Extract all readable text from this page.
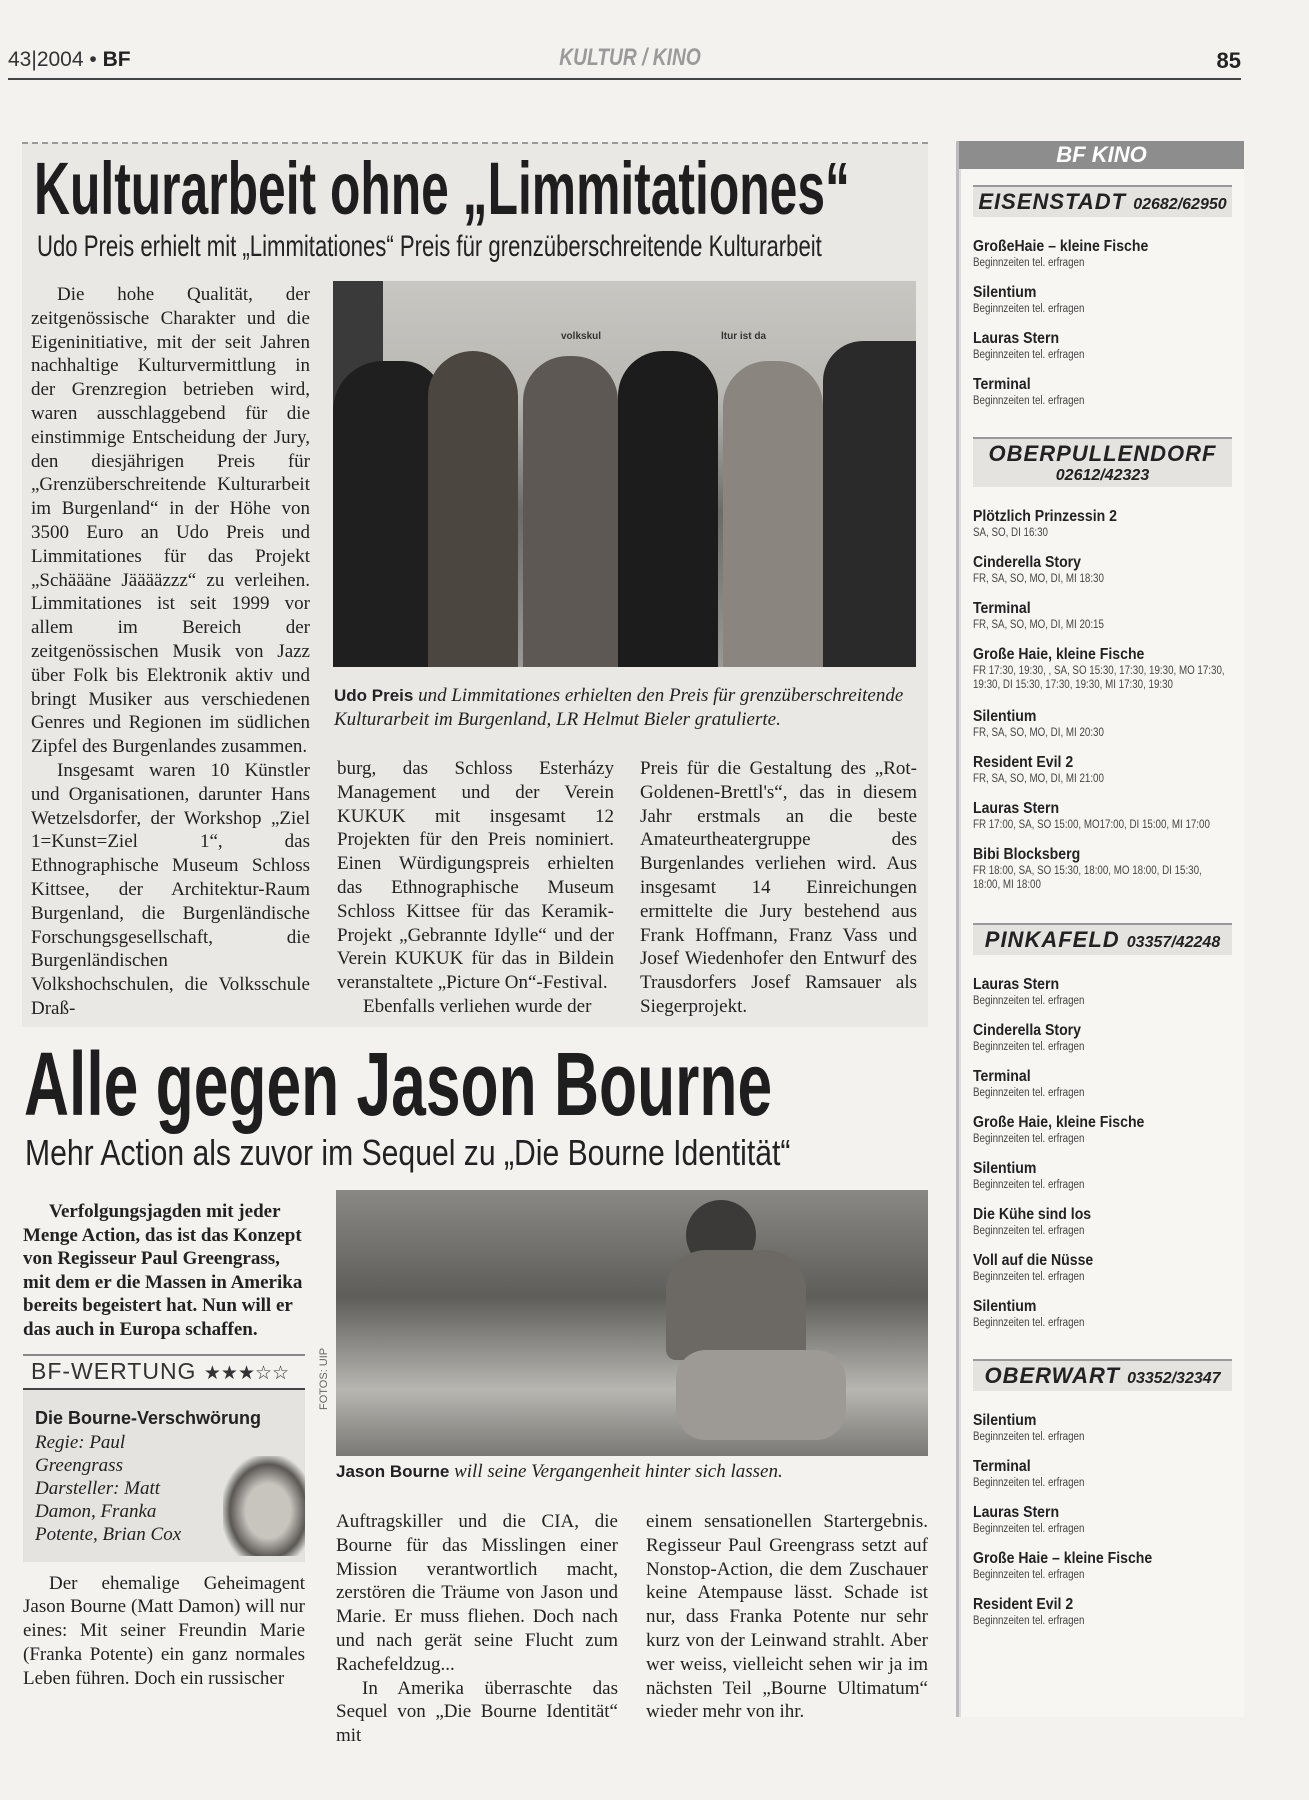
43|2004 • BF	KULTUR / KINO	85
Kulturarbeit ohne „Limmitationes“
Udo Preis erhielt mit „Limmitationes“ Preis für grenzüberschreitende Kulturarbeit

Die hohe Qualität, der zeitgenössische Charakter und die Eigeninitiative, mit der seit Jahren nachhaltige Kulturvermittlung in der Grenzregion betrieben wird, waren ausschlaggebend für die einstimmige Entscheidung der Jury, den diesjährigen Preis für „Grenzüberschreitende Kulturarbeit im Burgenland“ in der Höhe von 3500 Euro an Udo Preis und Limmitationes für das Projekt „Schäääne Jääääzzz“ zu verleihen. Limmitationes ist seit 1999 vor allem im Bereich der zeitgenössischen Musik von Jazz über Folk bis Elektronik aktiv und bringt Musiker aus verschiedenen Genres und Regionen im südlichen Zipfel des Burgenlandes zusammen.

Insgesamt waren 10 Künstler und Organisationen, darunter Hans Wetzelsdorfer, der Workshop „Ziel 1=Kunst=Ziel 1“, das Ethnographische Museum Schloss Kittsee, der Architektur-Raum Burgenland, die Burgenländische Forschungsgesellschaft, die Burgenländischen Volkshochschulen, die Volksschule Draß-

volkskul	ltur ist da
Udo Preis und Limmitationes erhielten den Preis für grenzüberschreitende Kulturarbeit im Burgenland, LR Helmut Bieler gratulierte.

burg, das Schloss Esterházy Management und der Verein KUKUK mit insgesamt 12 Projekten für den Preis nominiert. Einen Würdigungspreis erhielten das Ethnographische Museum Schloss Kittsee für das Keramik-Projekt „Gebrannte Idylle“ und der Verein KUKUK für das in Bildein veranstaltete „Picture On“-Festival.

Ebenfalls verliehen wurde der

Preis für die Gestaltung des „Rot-Goldenen-Brettl's“, das in diesem Jahr erstmals an die beste Amateurtheatergruppe des Burgenlandes verliehen wird. Aus insgesamt 14 Einreichungen ermittelte die Jury bestehend aus Frank Hoffmann, Franz Vass und Josef Wiedenhofer den Entwurf des Trausdorfers Josef Ramsauer als Siegerprojekt.

Alle gegen Jason Bourne
Mehr Action als zuvor im Sequel zu „Die Bourne Identität“

Verfolgungsjagden mit jeder Menge Action, das ist das Konzept von Regisseur Paul Greengrass, mit dem er die Massen in Amerika bereits begeistert hat. Nun will er das auch in Europa schaffen.

BF-WERTUNG ★★★☆☆
Die Bourne-Verschwörung
Regie: Paul Greengrass
Darsteller: Matt Damon, Franka Potente, Brian Cox

Der ehemalige Geheimagent Jason Bourne (Matt Damon) will nur eines: Mit seiner Freundin Marie (Franka Potente) ein ganz normales Leben führen. Doch ein russischer

FOTOS: UIP
Jason Bourne will seine Vergangenheit hinter sich lassen.

Auftragskiller und die CIA, die Bourne für das Misslingen einer Mission verantwortlich macht, zerstören die Träume von Jason und Marie. Er muss fliehen. Doch nach und nach gerät seine Flucht zum Rachefeldzug...

In Amerika überraschte das Sequel von „Die Bourne Identität“ mit

einem sensationellen Startergebnis. Regisseur Paul Greengrass setzt auf Nonstop-Action, die dem Zuschauer keine Atempause lässt. Schade ist nur, dass Franka Potente nur sehr kurz von der Leinwand strahlt. Aber wer weiss, vielleicht sehen wir ja im nächsten Teil „Bourne Ultimatum“ wieder mehr von ihr.

BF KINO
EISENSTADT 02682/62950
GroßeHaie – kleine Fische
Beginnzeiten tel. erfragen
Silentium
Beginnzeiten tel. erfragen
Lauras Stern
Beginnzeiten tel. erfragen
Terminal
Beginnzeiten tel. erfragen
OBERPULLENDORF
02612/42323
Plötzlich Prinzessin 2
SA, SO, DI 16:30
Cinderella Story
FR, SA, SO, MO, DI, MI 18:30
Terminal
FR, SA, SO, MO, DI, MI 20:15
Große Haie, kleine Fische
FR 17:30, 19:30, , SA, SO 15:30, 17:30, 19:30, MO 17:30, 19:30, DI 15:30, 17:30, 19:30, MI 17:30, 19:30
Silentium
FR, SA, SO, MO, DI, MI 20:30
Resident Evil 2
FR, SA, SO, MO, DI, MI 21:00
Lauras Stern
FR 17:00, SA, SO 15:00, MO17:00, DI 15:00, MI 17:00
Bibi Blocksberg
FR 18:00, SA, SO 15:30, 18:00, MO 18:00, DI 15:30, 18:00, MI 18:00
PINKAFELD 03357/42248
Lauras Stern
Beginnzeiten tel. erfragen
Cinderella Story
Beginnzeiten tel. erfragen
Terminal
Beginnzeiten tel. erfragen
Große Haie, kleine Fische
Beginnzeiten tel. erfragen
Silentium
Beginnzeiten tel. erfragen
Die Kühe sind los
Beginnzeiten tel. erfragen
Voll auf die Nüsse
Beginnzeiten tel. erfragen
Silentium
Beginnzeiten tel. erfragen
OBERWART 03352/32347
Silentium
Beginnzeiten tel. erfragen
Terminal
Beginnzeiten tel. erfragen
Lauras Stern
Beginnzeiten tel. erfragen
Große Haie – kleine Fische
Beginnzeiten tel. erfragen
Resident Evil 2
Beginnzeiten tel. erfragen
